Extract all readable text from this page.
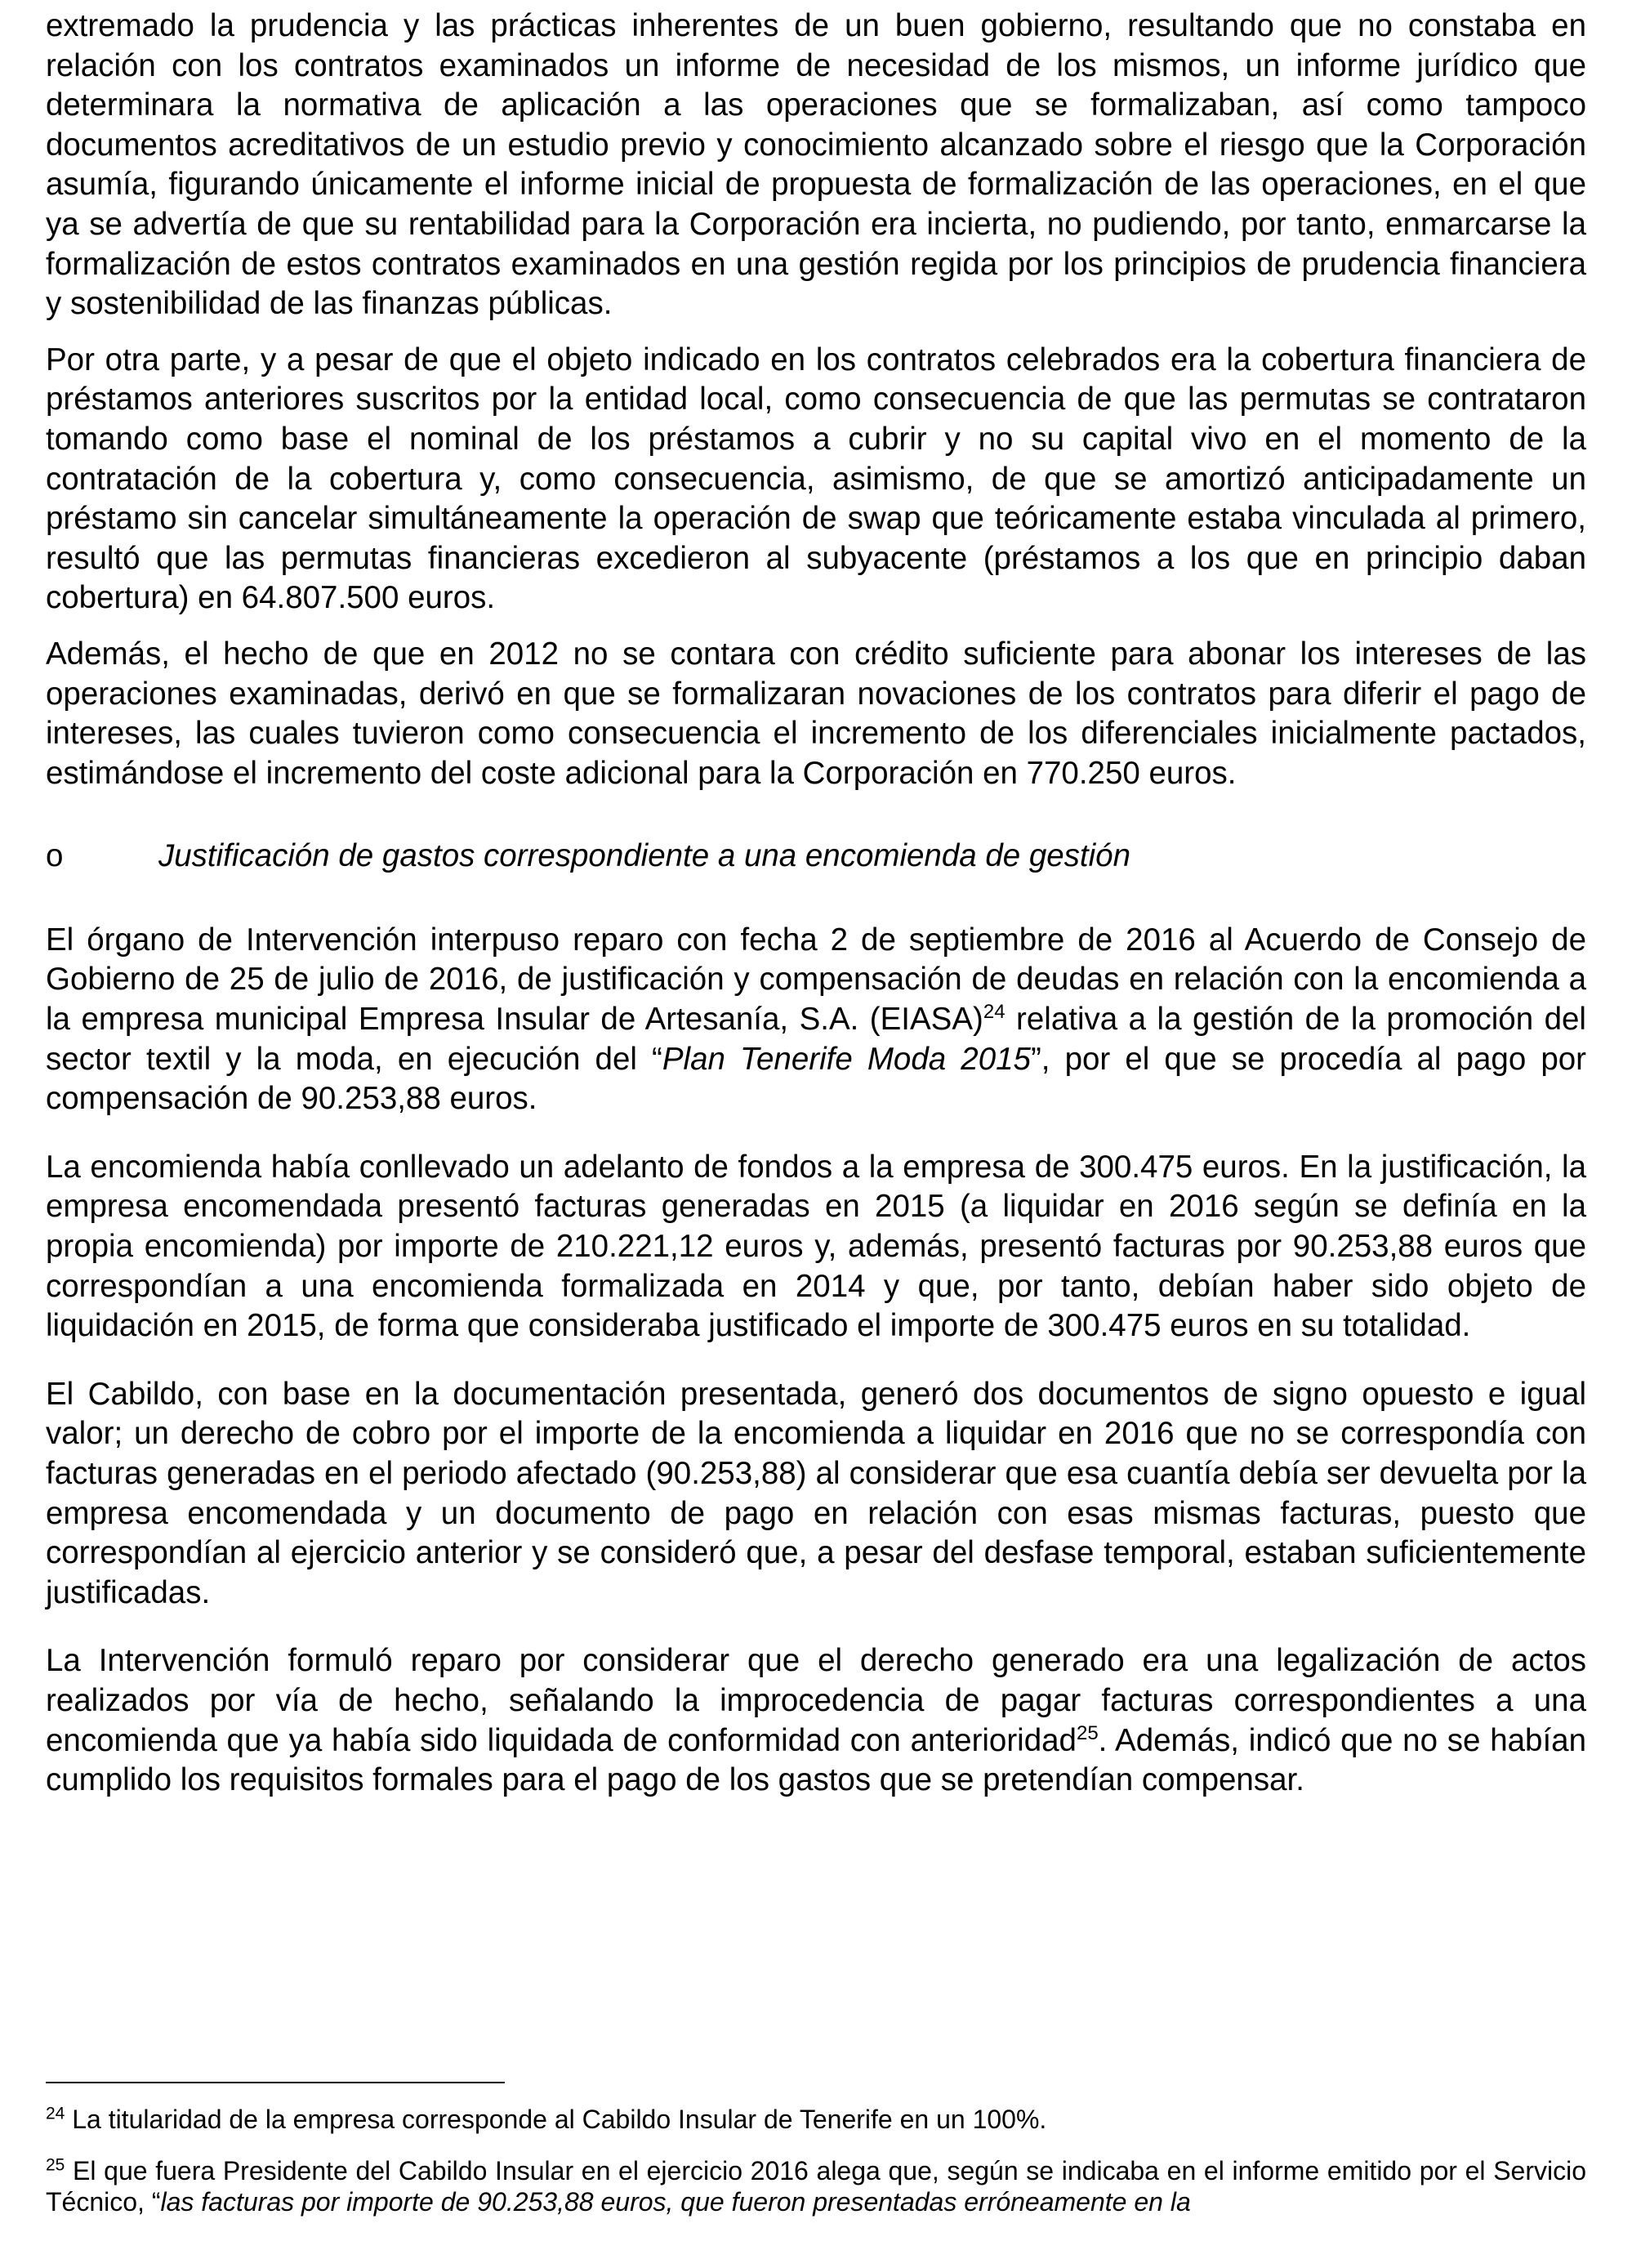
extremado la prudencia y las prácticas inherentes de un buen gobierno, resultando que no constaba en relación con los contratos examinados un informe de necesidad de los mismos, un informe jurídico que determinara la normativa de aplicación a las operaciones que se formalizaban, así como tampoco documentos acreditativos de un estudio previo y conocimiento alcanzado sobre el riesgo que la Corporación asumía, figurando únicamente el informe inicial de propuesta de formalización de las operaciones, en el que ya se advertía de que su rentabilidad para la Corporación era incierta, no pudiendo, por tanto, enmarcarse la formalización de estos contratos examinados en una gestión regida por los principios de prudencia financiera y sostenibilidad de las finanzas públicas.

Por otra parte, y a pesar de que el objeto indicado en los contratos celebrados era la cobertura financiera de préstamos anteriores suscritos por la entidad local, como consecuencia de que las permutas se contrataron tomando como base el nominal de los préstamos a cubrir y no su capital vivo en el momento de la contratación de la cobertura y, como consecuencia, asimismo, de que se amortizó anticipadamente un préstamo sin cancelar simultáneamente la operación de swap que teóricamente estaba vinculada al primero, resultó que las permutas financieras excedieron al subyacente (préstamos a los que en principio daban cobertura) en 64.807.500 euros.

Además, el hecho de que en 2012 no se contara con crédito suficiente para abonar los intereses de las operaciones examinadas, derivó en que se formalizaran novaciones de los contratos para diferir el pago de intereses, las cuales tuvieron como consecuencia el incremento de los diferenciales inicialmente pactados, estimándose el incremento del coste adicional para la Corporación en 770.250 euros.

o	Justificación de gastos correspondiente a una encomienda de gestión

El órgano de Intervención interpuso reparo con fecha 2 de septiembre de 2016 al Acuerdo de Consejo de Gobierno de 25 de julio de 2016, de justificación y compensación de deudas en relación con la encomienda a la empresa municipal Empresa Insular de Artesanía, S.A. (EIASA)$^{24}$ relativa a la gestión de la promoción del sector textil y la moda, en ejecución del “Plan Tenerife Moda 2015”, por el que se procedía al pago por compensación de 90.253,88 euros.

La encomienda había conllevado un adelanto de fondos a la empresa de 300.475 euros. En la justificación, la empresa encomendada presentó facturas generadas en 2015 (a liquidar en 2016 según se definía en la propia encomienda) por importe de 210.221,12 euros y, además, presentó facturas por 90.253,88 euros que correspondían a una encomienda formalizada en 2014 y que, por tanto, debían haber sido objeto de liquidación en 2015, de forma que consideraba justificado el importe de 300.475 euros en su totalidad.

El Cabildo, con base en la documentación presentada, generó dos documentos de signo opuesto e igual valor; un derecho de cobro por el importe de la encomienda a liquidar en 2016 que no se correspondía con facturas generadas en el periodo afectado (90.253,88) al considerar que esa cuantía debía ser devuelta por la empresa encomendada y un documento de pago en relación con esas mismas facturas, puesto que correspondían al ejercicio anterior y se consideró que, a pesar del desfase temporal, estaban suficientemente justificadas.

La Intervención formuló reparo por considerar que el derecho generado era una legalización de actos realizados por vía de hecho, señalando la improcedencia de pagar facturas correspondientes a una encomienda que ya había sido liquidada de conformidad con anterioridad$^{25}$. Además, indicó que no se habían cumplido los requisitos formales para el pago de los gastos que se pretendían compensar.

$^{24}$ La titularidad de la empresa corresponde al Cabildo Insular de Tenerife en un 100%.

$^{25}$ El que fuera Presidente del Cabildo Insular en el ejercicio 2016 alega que, según se indicaba en el informe emitido por el Servicio Técnico, “las facturas por importe de 90.253,88 euros, que fueron presentadas erróneamente en la
